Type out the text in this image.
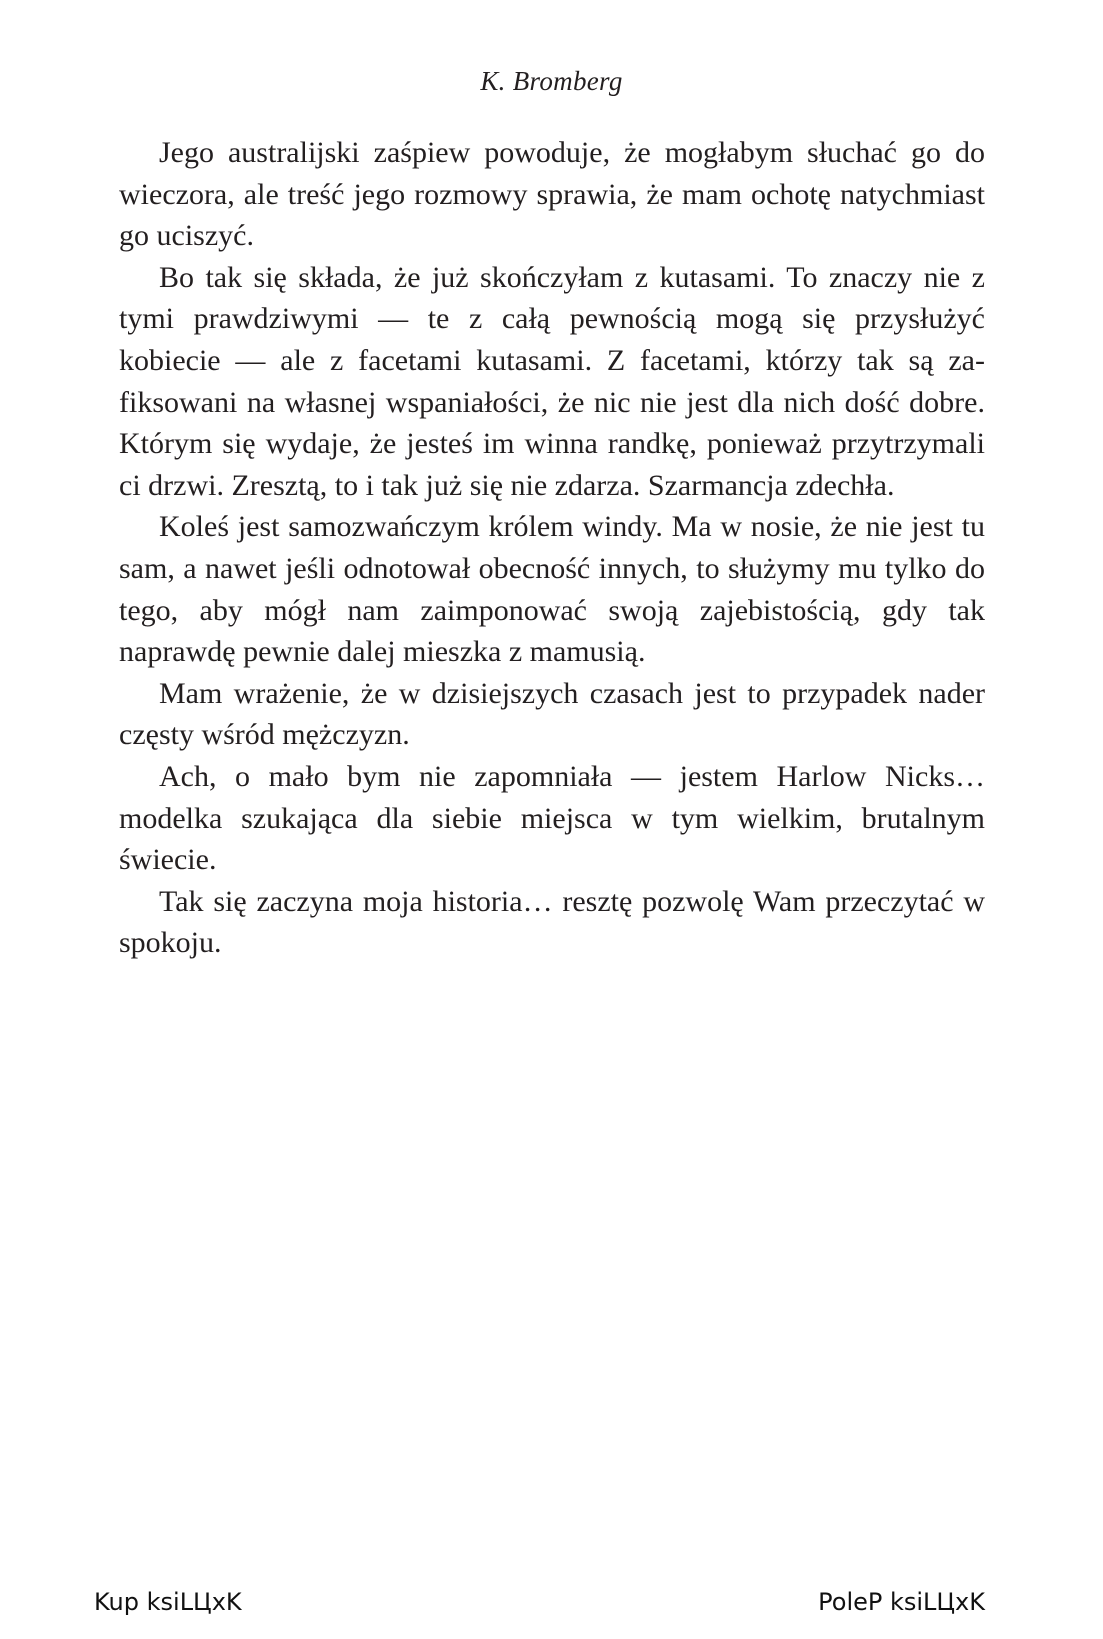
K. Bromberg

Jego australijski zaśpiew powoduje, że mogłabym słuchać go do wieczora, ale treść jego rozmowy sprawia, że mam ochotę natychmiast go uciszyć.

Bo tak się składa, że już skończyłam z kutasami. To znaczy nie z tymi prawdziwymi — te z całą pewnością mogą się przysłużyć kobiecie — ale z facetami kutasami. Z facetami, którzy tak są zafiksowani na własnej wspaniałości, że nic nie jest dla nich dość dobre. Którym się wydaje, że jesteś im winna randkę, ponieważ przytrzymali ci drzwi. Zresztą, to i tak już się nie zdarza. Szarmancja zdechła.

Koleś jest samozwańczym królem windy. Ma w nosie, że nie jest tu sam, a nawet jeśli odnotował obecność innych, to służymy mu tylko do tego, aby mógł nam zaimponować swoją zajebistością, gdy tak naprawdę pewnie dalej mieszka z mamusią.

Mam wrażenie, że w dzisiejszych czasach jest to przypadek nader częsty wśród mężczyzn.

Ach, o mało bym nie zapomniała — jestem Harlow Nicks… modelka szukająca dla siebie miejsca w tym wielkim, brutalnym świecie.

Tak się zaczyna moja historia… resztę pozwolę Wam przeczytać w spokoju.

Kup ksiLЦxK	PoleP ksiLЦxK
